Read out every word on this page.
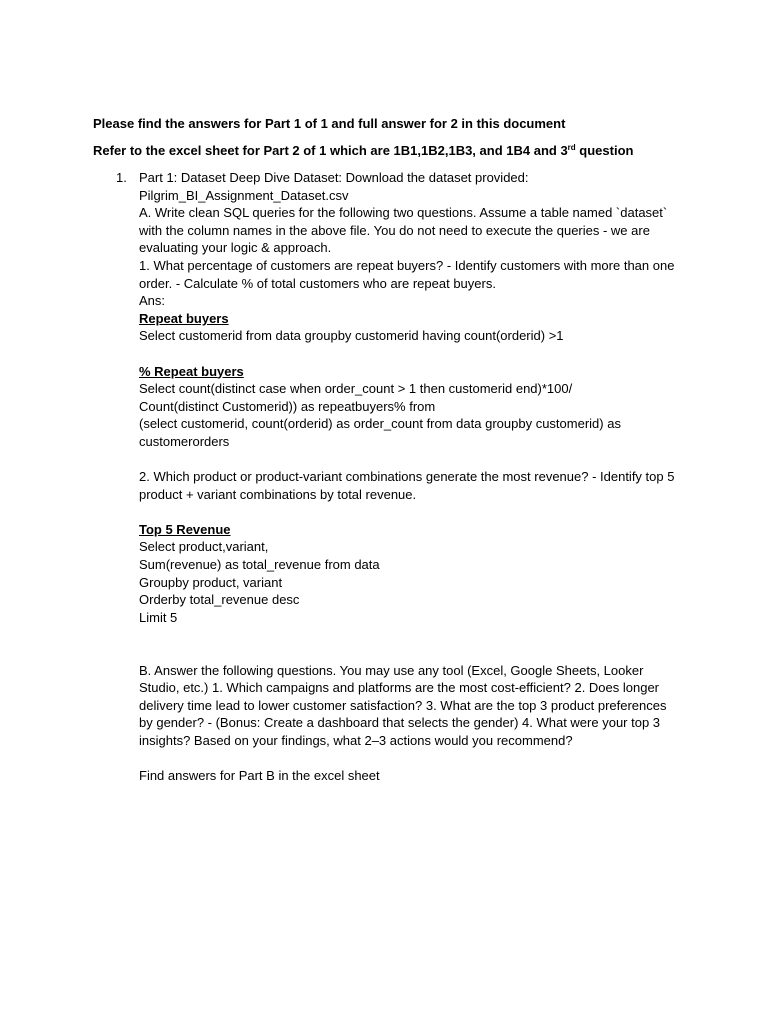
Please find the answers for Part 1 of 1 and full answer for 2 in this document
Refer to the excel sheet for Part 2 of 1 which are 1B1,1B2,1B3, and 1B4 and 3rd question
1. Part 1: Dataset Deep Dive Dataset: Download the dataset provided:
Pilgrim_BI_Assignment_Dataset.csv
A. Write clean SQL queries for the following two questions. Assume a table named `dataset` with the column names in the above file. You do not need to execute the queries - we are evaluating your logic & approach.
1. What percentage of customers are repeat buyers? - Identify customers with more than one order. - Calculate % of total customers who are repeat buyers.
Ans:
Repeat buyers
Select customerid from data groupby customerid having count(orderid) >1
% Repeat buyers
Select count(distinct case when order_count > 1 then customerid end)*100/
Count(distinct Customerid)) as repeatbuyers% from
(select customerid, count(orderid) as order_count from data groupby customerid) as
customerorders
2. Which product or product-variant combinations generate the most revenue? - Identify top 5 product + variant combinations by total revenue.
Top 5 Revenue
Select product,variant,
Sum(revenue) as total_revenue from data
Groupby product, variant
Orderby total_revenue desc
Limit 5
B. Answer the following questions. You may use any tool (Excel, Google Sheets, Looker Studio, etc.) 1. Which campaigns and platforms are the most cost-efficient? 2. Does longer delivery time lead to lower customer satisfaction? 3. What are the top 3 product preferences by gender? - (Bonus: Create a dashboard that selects the gender) 4. What were your top 3 insights? Based on your findings, what 2–3 actions would you recommend?
Find answers for Part B in the excel sheet
